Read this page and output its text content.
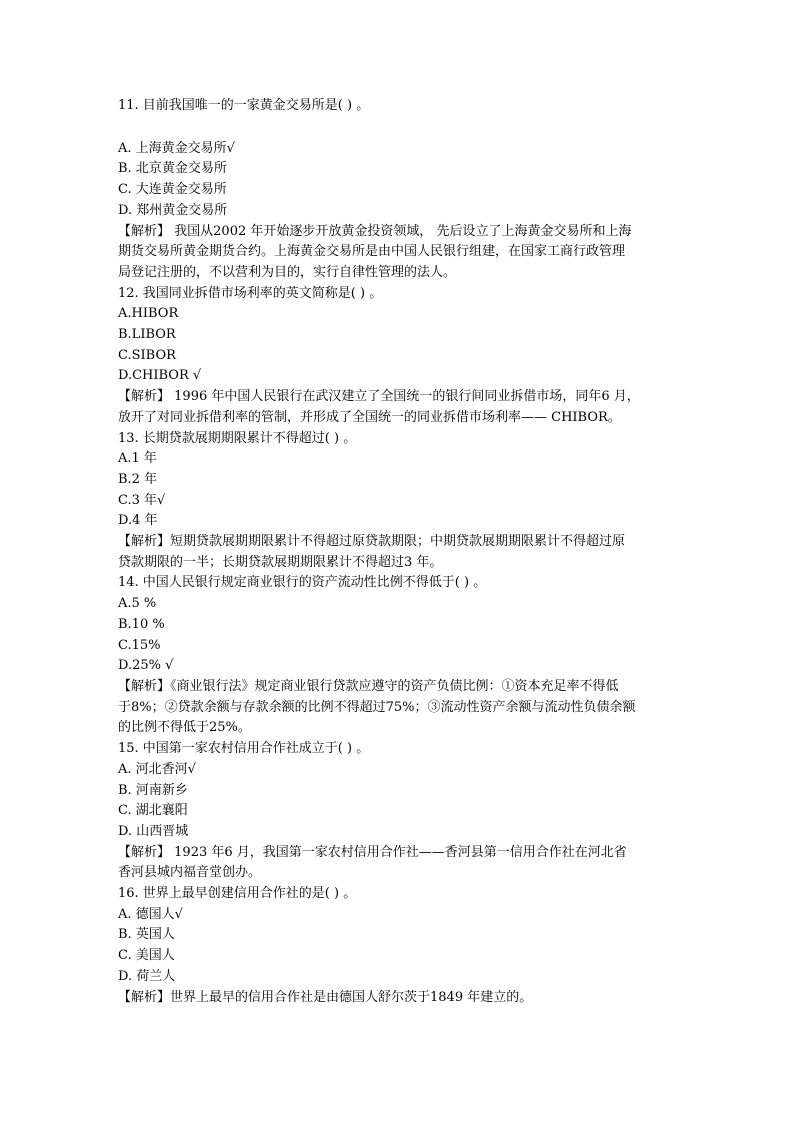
11. 目前我国唯一的一家黄金交易所是( ) 。
A. 上海黄金交易所√
B. 北京黄金交易所
C. 大连黄金交易所
D. 郑州黄金交易所
【解析】 我国从2002 年开始逐步开放黄金投资领域， 先后设立了上海黄金交易所和上海
期货交易所黄金期货合约。上海黄金交易所是由中国人民银行组建，在国家工商行政管理
局登记注册的，不以营利为目的，实行自律性管理的法人。
12. 我国同业拆借市场利率的英文简称是( ) 。
A.HIBOR
B.LIBOR
C.SIBOR
D.CHIBOR √
【解析】 1996 年中国人民银行在武汉建立了全国统一的银行间同业拆借市场，同年6 月，
放开了对同业拆借利率的管制，并形成了全国统一的同业拆借市场利率—— CHIBOR。
13. 长期贷款展期期限累计不得超过( ) 。
A.1 年
B.2 年
C.3 年√
D.4 年
【解析】短期贷款展期期限累计不得超过原贷款期限；中期贷款展期期限累计不得超过原
贷款期限的一半；长期贷款展期期限累计不得超过3 年。
14. 中国人民银行规定商业银行的资产流动性比例不得低于( ) 。
A.5 %
B.10 %
C.15%
D.25% √
【解析】《商业银行法》规定商业银行贷款应遵守的资产负债比例：①资本充足率不得低
于8%；②贷款余额与存款余额的比例不得超过75%；③流动性资产余额与流动性负债余额
的比例不得低于25%。
15. 中国第一家农村信用合作社成立于( ) 。
A. 河北香河√
B. 河南新乡
C. 湖北襄阳
D. 山西晋城
【解析】 1923 年6 月，我国第一家农村信用合作社——香河县第一信用合作社在河北省
香河县城内福音堂创办。
16. 世界上最早创建信用合作社的是( ) 。
A. 德国人√
B. 英国人
C. 美国人
D. 荷兰人
【解析】世界上最早的信用合作社是由德国人舒尔茨于1849 年建立的。
